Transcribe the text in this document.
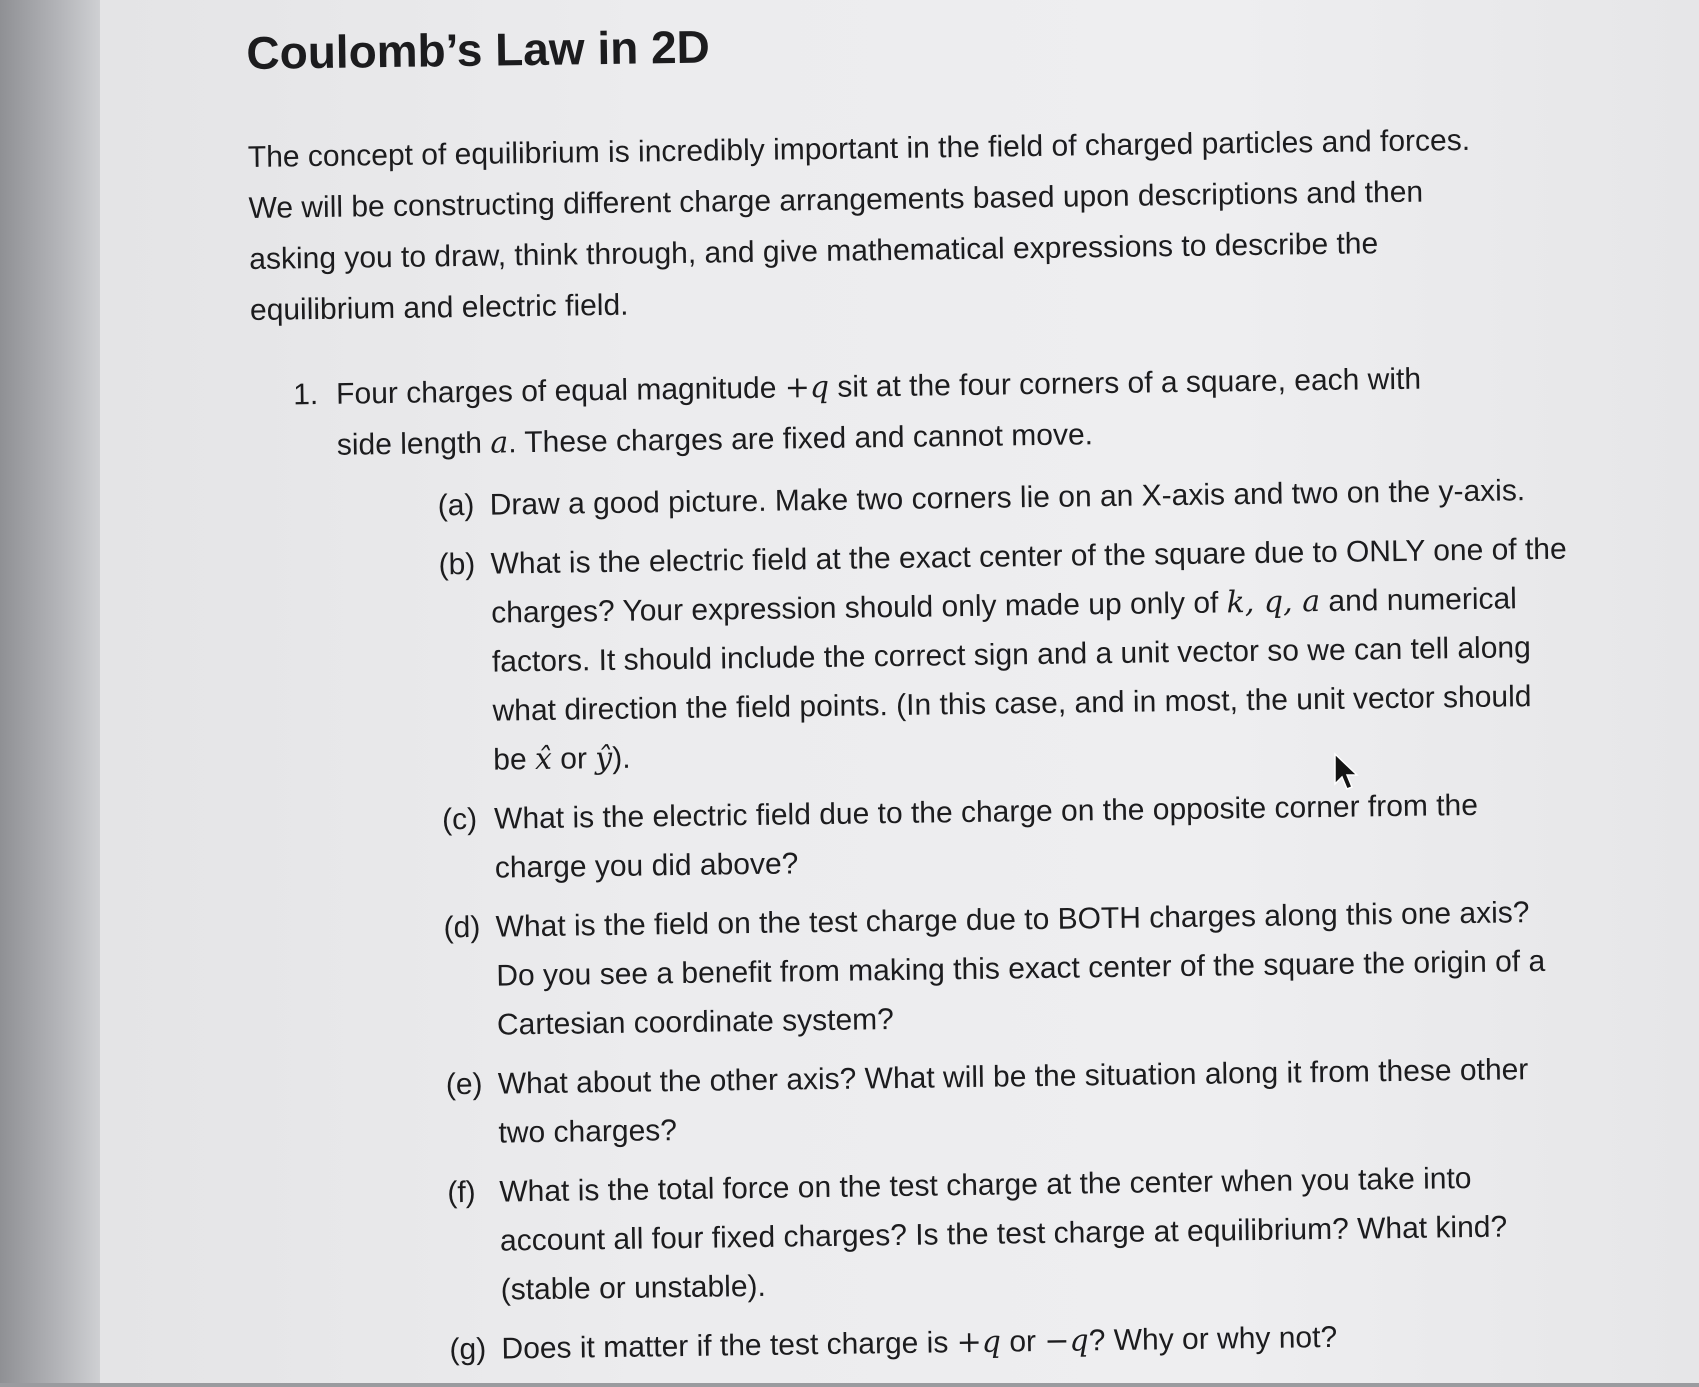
Coulomb’s Law in 2D

The concept of equilibrium is incredibly important in the field of charged particles and forces. We will be constructing different charge arrangements based upon descriptions and then asking you to draw, think through, and give mathematical expressions to describe the equilibrium and electric field.

1. Four charges of equal magnitude +q sit at the four corners of a square, each with side length a. These charges are fixed and cannot move.

(a) Draw a good picture. Make two corners lie on an X-axis and two on the y-axis.
(b) What is the electric field at the exact center of the square due to ONLY one of the charges? Your expression should only made up only of k, q, a and numerical factors. It should include the correct sign and a unit vector so we can tell along what direction the field points. (In this case, and in most, the unit vector should be x̂ or ŷ).
(c) What is the electric field due to the charge on the opposite corner from the charge you did above?
(d) What is the field on the test charge due to BOTH charges along this one axis? Do you see a benefit from making this exact center of the square the origin of a Cartesian coordinate system?
(e) What about the other axis? What will be the situation along it from these other two charges?
(f) What is the total force on the test charge at the center when you take into account all four fixed charges? Is the test charge at equilibrium? What kind? (stable or unstable).
(g) Does it matter if the test charge is +q or −q? Why or why not?
